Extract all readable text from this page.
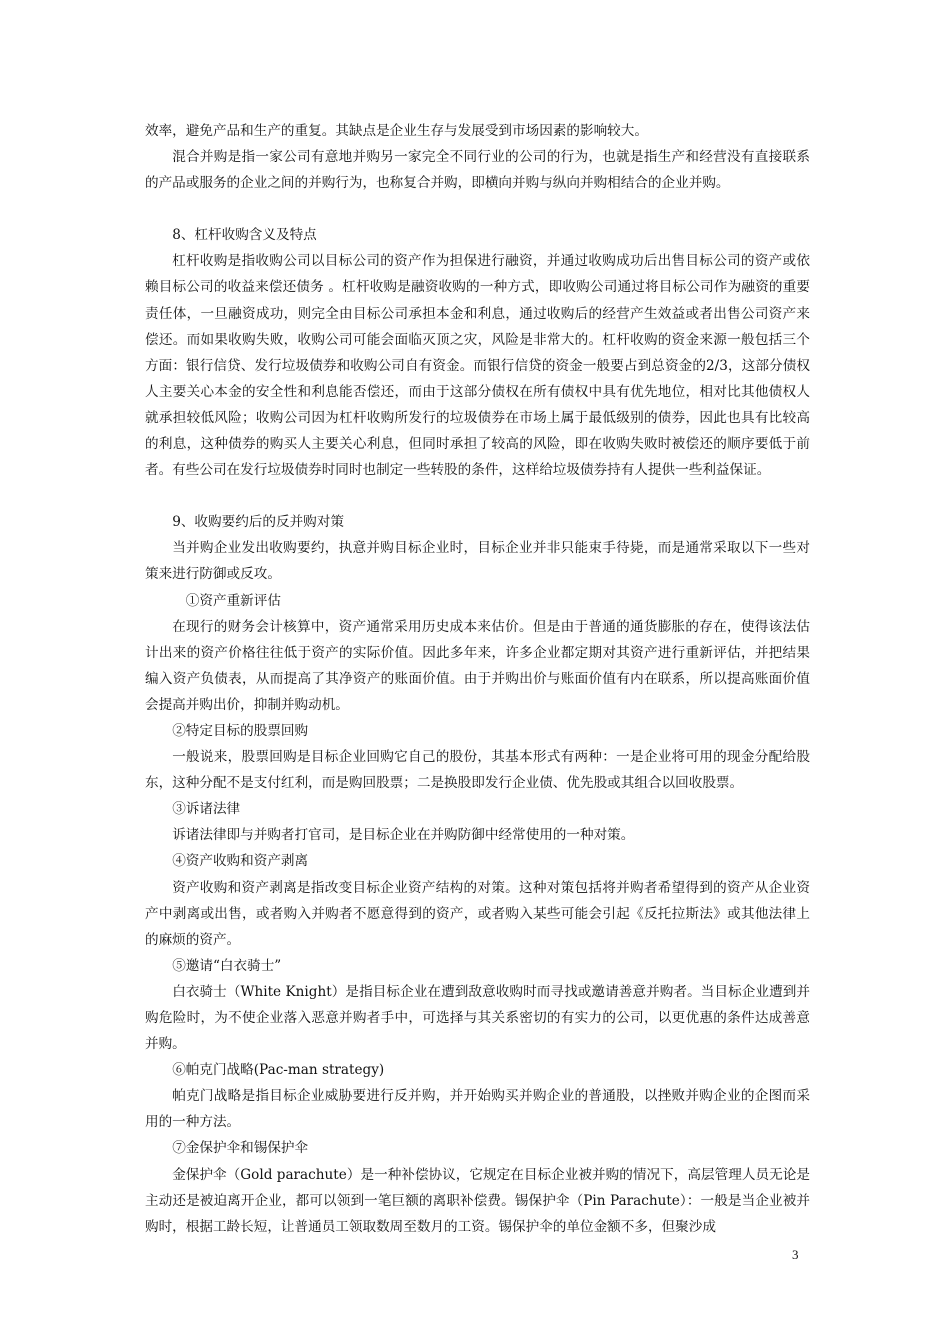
效率，避免产品和生产的重复。其缺点是企业生存与发展受到市场因素的影响较大。

混合并购是指一家公司有意地并购另一家完全不同行业的公司的行为，也就是指生产和经营没有直接联系的产品或服务的企业之间的并购行为，也称复合并购，即横向并购与纵向并购相结合的企业并购。

8、杠杆收购含义及特点

杠杆收购是指收购公司以目标公司的资产作为担保进行融资，并通过收购成功后出售目标公司的资产或依赖目标公司的收益来偿还债务 。杠杆收购是融资收购的一种方式，即收购公司通过将目标公司作为融资的重要责任体，一旦融资成功，则完全由目标公司承担本金和利息，通过收购后的经营产生效益或者出售公司资产来偿还。而如果收购失败，收购公司可能会面临灭顶之灾，风险是非常大的。杠杆收购的资金来源一般包括三个方面：银行信贷、发行垃圾债券和收购公司自有资金。而银行信贷的资金一般要占到总资金的2/3，这部分债权人主要关心本金的安全性和利息能否偿还，而由于这部分债权在所有债权中具有优先地位，相对比其他债权人就承担较低风险；收购公司因为杠杆收购所发行的垃圾债券在市场上属于最低级别的债券，因此也具有比较高的利息，这种债券的购买人主要关心利息，但同时承担了较高的风险，即在收购失败时被偿还的顺序要低于前者。有些公司在发行垃圾债券时同时也制定一些转股的条件，这样给垃圾债券持有人提供一些利益保证。

9、收购要约后的反并购对策

当并购企业发出收购要约，执意并购目标企业时，目标企业并非只能束手待毙，而是通常采取以下一些对策来进行防御或反攻。

①资产重新评估

在现行的财务会计核算中，资产通常采用历史成本来估价。但是由于普通的通货膨胀的存在，使得该法估计出来的资产价格往往低于资产的实际价值。因此多年来，许多企业都定期对其资产进行重新评估，并把结果编入资产负债表，从而提高了其净资产的账面价值。由于并购出价与账面价值有内在联系，所以提高账面价值会提高并购出价，抑制并购动机。

②特定目标的股票回购

一般说来，股票回购是目标企业回购它自己的股份，其基本形式有两种：一是企业将可用的现金分配给股东，这种分配不是支付红利，而是购回股票；二是换股即发行企业债、优先股或其组合以回收股票。

③诉诸法律

诉诸法律即与并购者打官司，是目标企业在并购防御中经常使用的一种对策。

④资产收购和资产剥离

资产收购和资产剥离是指改变目标企业资产结构的对策。这种对策包括将并购者希望得到的资产从企业资产中剥离或出售，或者购入并购者不愿意得到的资产，或者购入某些可能会引起《反托拉斯法》或其他法律上的麻烦的资产。

⑤邀请“白衣骑士”

白衣骑士（White Knight）是指目标企业在遭到敌意收购时而寻找或邀请善意并购者。当目标企业遭到并购危险时，为不使企业落入恶意并购者手中，可选择与其关系密切的有实力的公司，以更优惠的条件达成善意并购。

⑥帕克门战略(Pac-man strategy)

帕克门战略是指目标企业威胁要进行反并购，并开始购买并购企业的普通股，以挫败并购企业的企图而采用的一种方法。

⑦金保护伞和锡保护伞

金保护伞（Gold parachute）是一种补偿协议，它规定在目标企业被并购的情况下，高层管理人员无论是主动还是被迫离开企业，都可以领到一笔巨额的离职补偿费。锡保护伞（Pin Parachute）：一般是当企业被并购时，根据工龄长短，让普通员工领取数周至数月的工资。锡保护伞的单位金额不多，但聚沙成

3
